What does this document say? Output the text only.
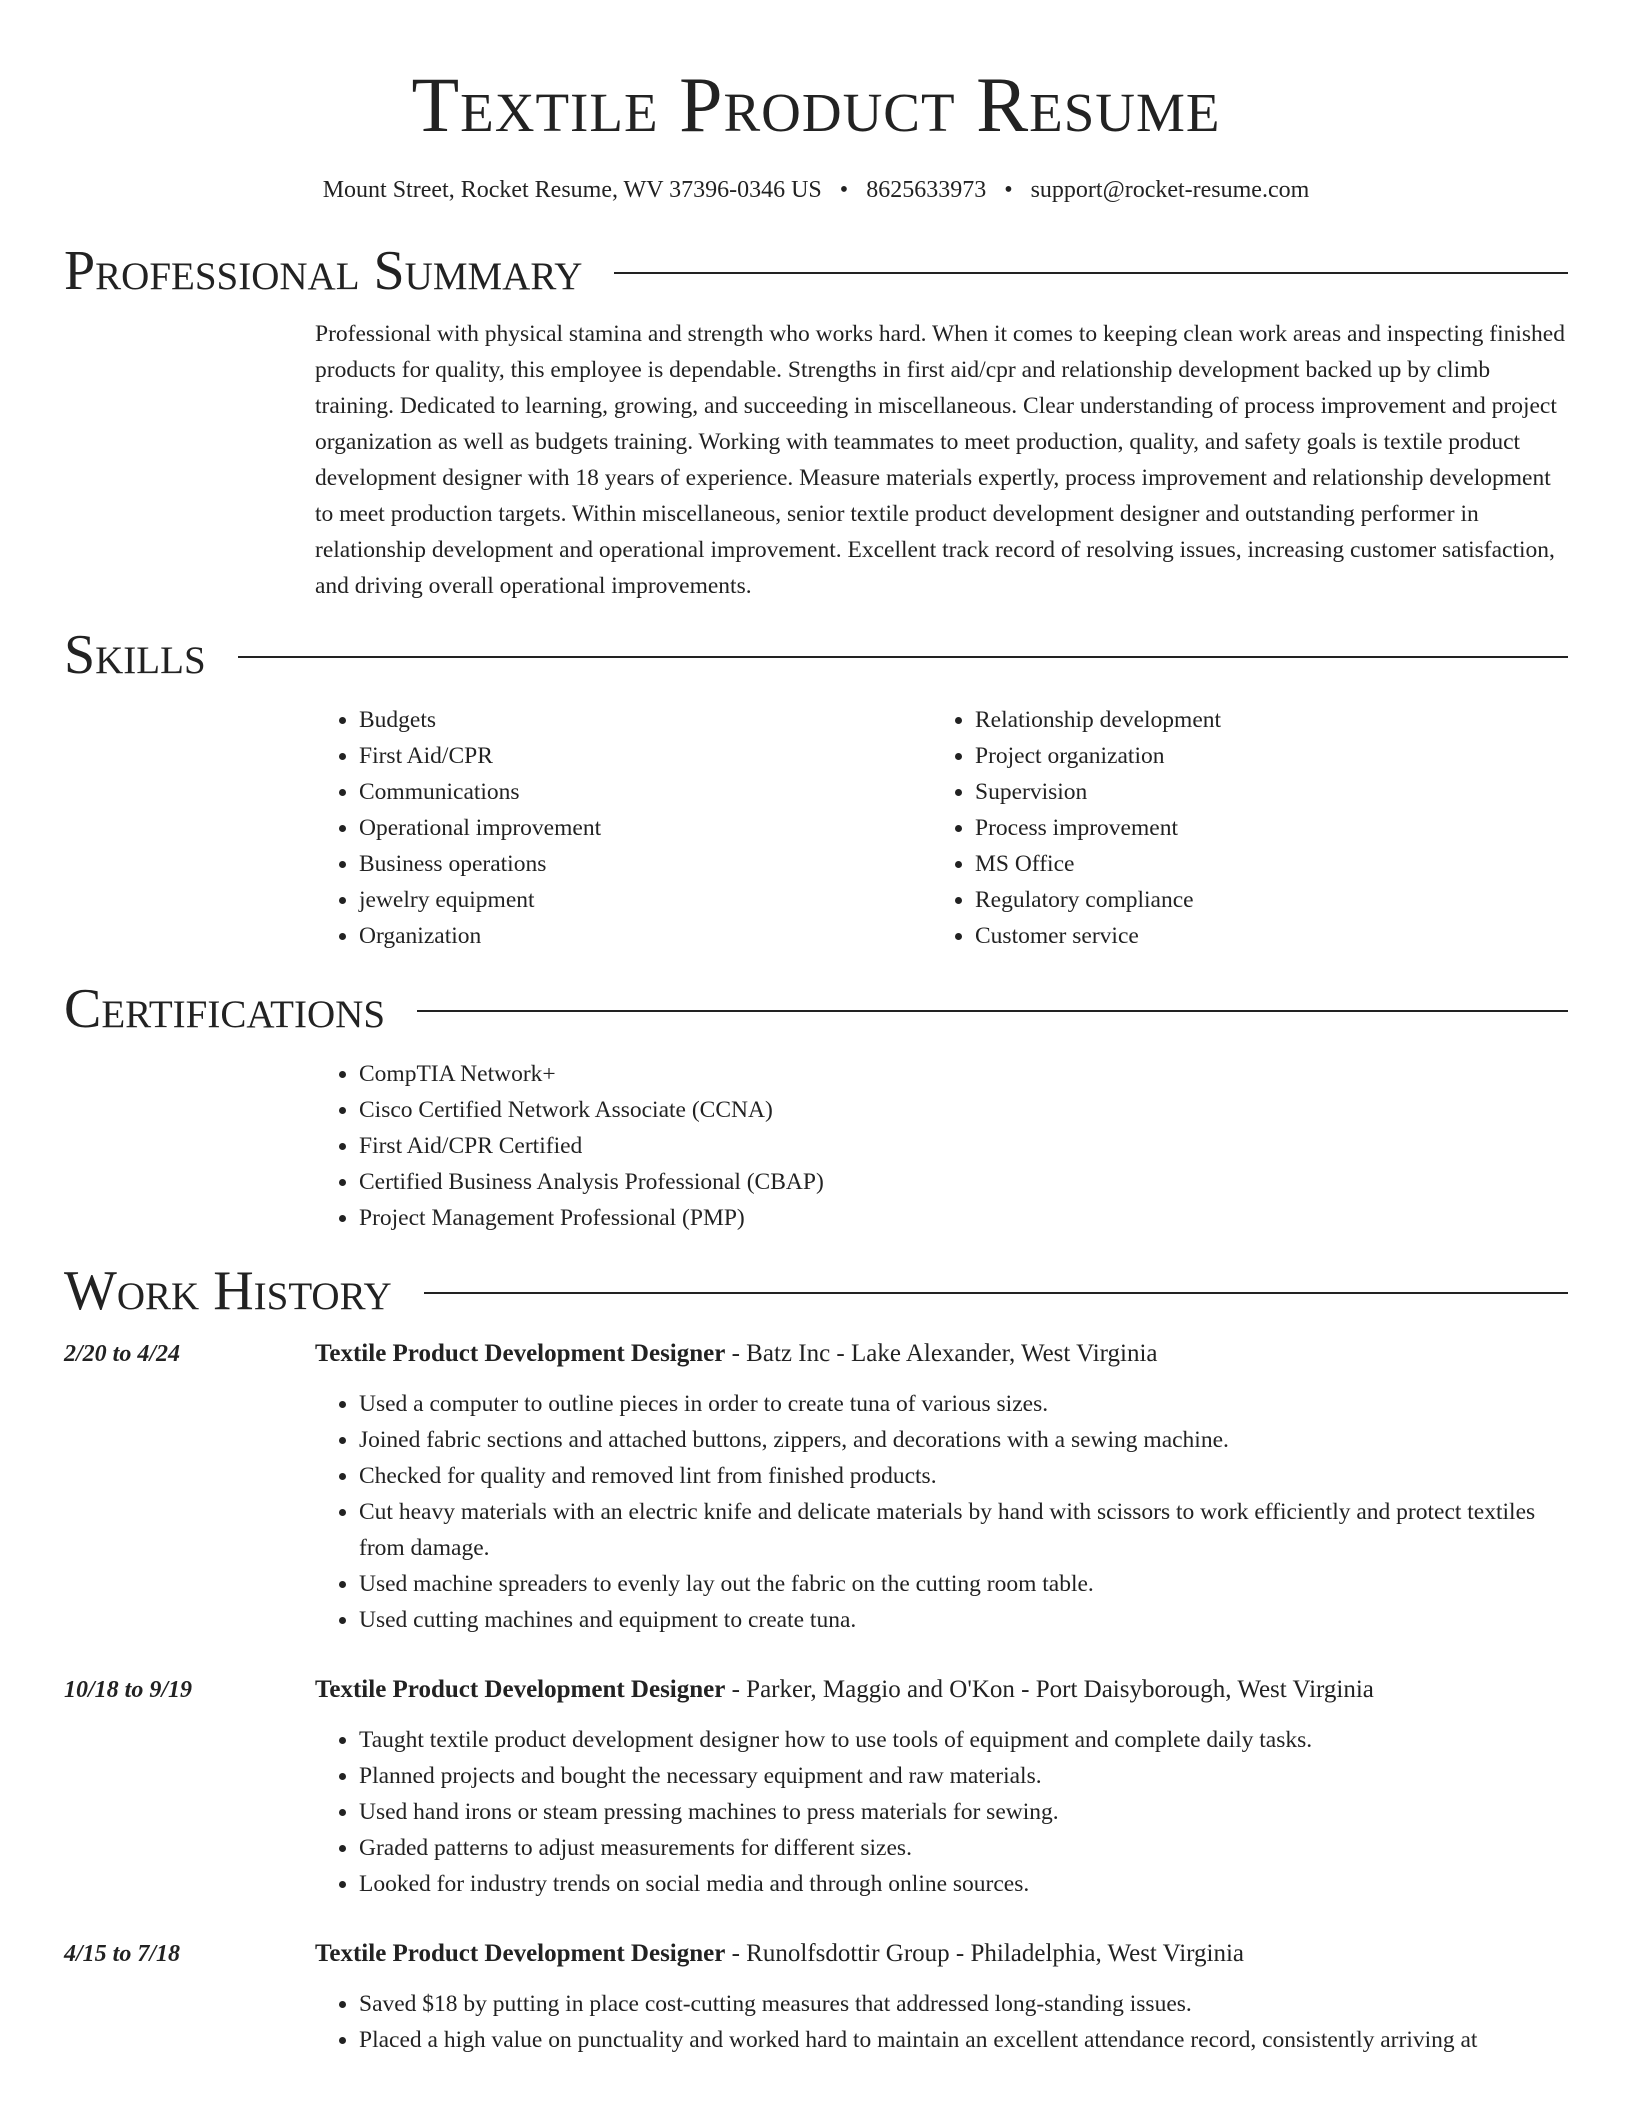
Textile Product Resume
Mount Street, Rocket Resume, WV 37396-0346 US • 8625633973 • support@rocket-resume.com
Professional Summary

Professional with physical stamina and strength who works hard. When it comes to keeping clean work areas and inspecting finished products for quality, this employee is dependable. Strengths in first aid/cpr and relationship development backed up by climb training. Dedicated to learning, growing, and succeeding in miscellaneous. Clear understanding of process improvement and project organization as well as budgets training. Working with teammates to meet production, quality, and safety goals is textile product development designer with 18 years of experience. Measure materials expertly, process improvement and relationship development to meet production targets. Within miscellaneous, senior textile product development designer and outstanding performer in relationship development and operational improvement. Excellent track record of resolving issues, increasing customer satisfaction, and driving overall operational improvements.

Skills
• Budgets
• First Aid/CPR
• Communications
• Operational improvement
• Business operations
• jewelry equipment
• Organization
• Relationship development
• Project organization
• Supervision
• Process improvement
• MS Office
• Regulatory compliance
• Customer service
Certifications
• CompTIA Network+
• Cisco Certified Network Associate (CCNA)
• First Aid/CPR Certified
• Certified Business Analysis Professional (CBAP)
• Project Management Professional (PMP)
Work History
2/20 to 4/24	Textile Product Development Designer - Batz Inc - Lake Alexander, West Virginia
• Used a computer to outline pieces in order to create tuna of various sizes.
• Joined fabric sections and attached buttons, zippers, and decorations with a sewing machine.
• Checked for quality and removed lint from finished products.
• Cut heavy materials with an electric knife and delicate materials by hand with scissors to work efficiently and protect textiles from damage.
• Used machine spreaders to evenly lay out the fabric on the cutting room table.
• Used cutting machines and equipment to create tuna.
10/18 to 9/19	Textile Product Development Designer - Parker, Maggio and O'Kon - Port Daisyborough, West Virginia
• Taught textile product development designer how to use tools of equipment and complete daily tasks.
• Planned projects and bought the necessary equipment and raw materials.
• Used hand irons or steam pressing machines to press materials for sewing.
• Graded patterns to adjust measurements for different sizes.
• Looked for industry trends on social media and through online sources.
4/15 to 7/18	Textile Product Development Designer - Runolfsdottir Group - Philadelphia, West Virginia
• Saved $18 by putting in place cost-cutting measures that addressed long-standing issues.
• Placed a high value on punctuality and worked hard to maintain an excellent attendance record, consistently arriving at
